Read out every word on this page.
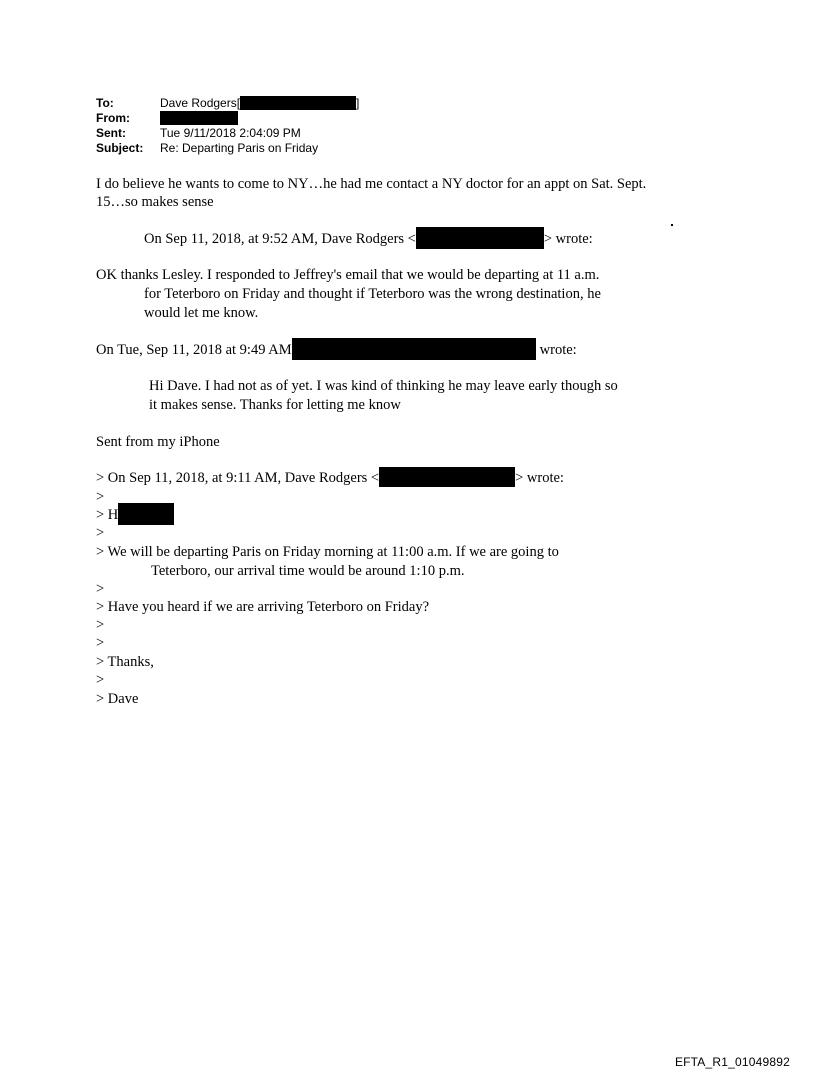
To:	Dave Rodgers[	]
From:
Sent:	Tue 9/11/2018 2:04:09 PM
Subject:	Re: Departing Paris on Friday
I do believe he wants to come to NY…he had me contact a NY doctor for an appt on Sat. Sept.
15…so makes sense
On Sep 11, 2018, at 9:52 AM, Dave Rodgers <	> wrote:
OK thanks Lesley. I responded to Jeffrey's email that we would be departing at 11 a.m.
for Teterboro on Friday and thought if Teterboro was the wrong destination, he
would let me know.
On Tue, Sep 11, 2018 at 9:49 AM	wrote:
Hi Dave. I had not as of yet. I was kind of thinking he may leave early though so
it makes sense. Thanks for letting me know
Sent from my iPhone
> On Sep 11, 2018, at 9:11 AM, Dave Rodgers <	> wrote:
>
> H
>
> We will be departing Paris on Friday morning at 11:00 a.m. If we are going to
Teterboro, our arrival time would be around 1:10 p.m.
>
> Have you heard if we are arriving Teterboro on Friday?
>
>
> Thanks,
>
> Dave
EFTA_R1_01049892
